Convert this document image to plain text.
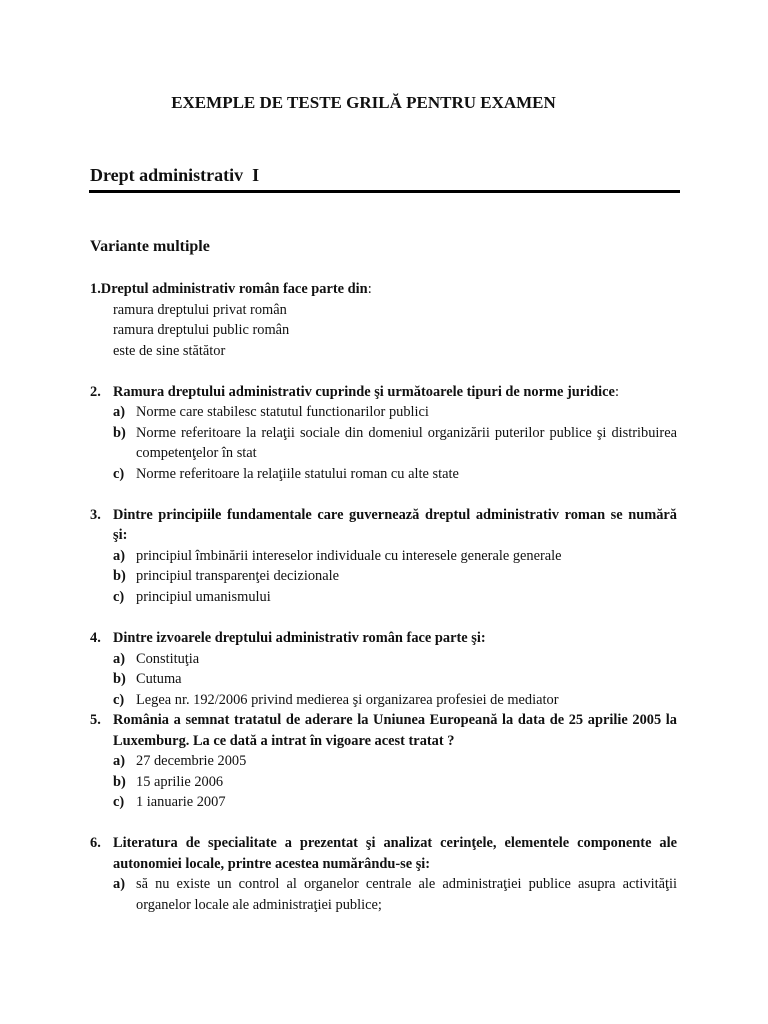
EXEMPLE DE TESTE GRILĂ PENTRU EXAMEN
Drept administrativ  I
Variante multiple
1.Dreptul administrativ român face parte din:
ramura dreptului privat român
ramura dreptului public român
este de sine stătător
2. Ramura dreptului administrativ cuprinde şi următoarele tipuri de norme juridice:
a) Norme care stabilesc statutul functionarilor publici
b) Norme referitoare la relaţii sociale din domeniul organizării puterilor publice şi distribuirea
competenţelor în stat
c) Norme referitoare la relaţiile statului roman cu alte state
3. Dintre principiile fundamentale care guvernează dreptul administrativ roman se numără
şi:
a) principiul îmbinării intereselor individuale cu interesele generale generale
b) principiul transparenţei decizionale
c) principiul umanismului
4. Dintre izvoarele dreptului administrativ român face parte şi:
a) Constituţia
b) Cutuma
c) Legea nr. 192/2006 privind medierea şi organizarea profesiei de mediator
5. România a semnat tratatul de aderare la Uniunea Europeană la data de 25 aprilie 2005 la
Luxemburg. La ce dată a intrat în vigoare acest tratat ?
a) 27 decembrie 2005
b) 15 aprilie 2006
c) 1 ianuarie 2007
6. Literatura de specialitate a prezentat şi analizat cerinţele, elementele componente ale
autonomiei locale, printre acestea numărându-se şi:
a) să nu existe un control al organelor centrale ale administraţiei publice asupra activităţii
organelor locale ale administraţiei publice;
